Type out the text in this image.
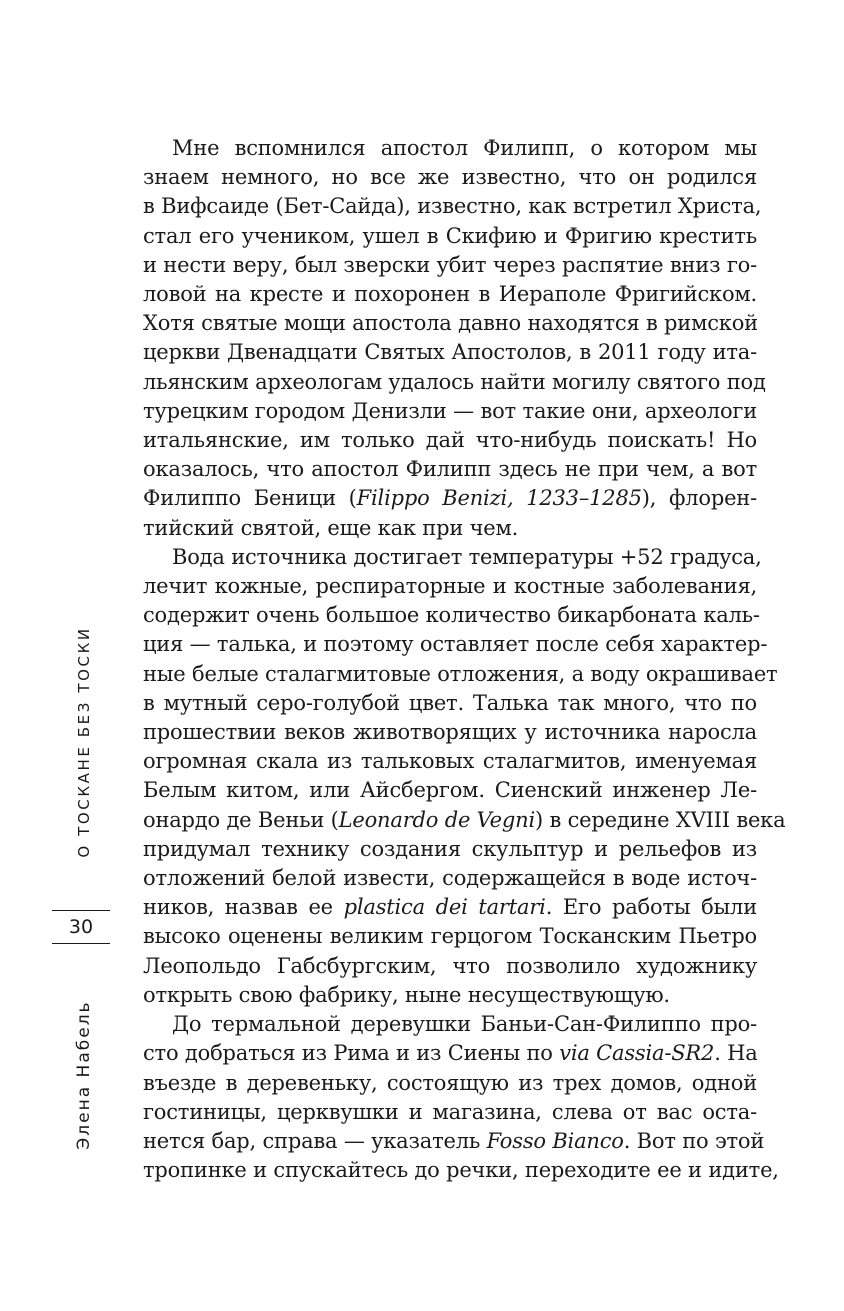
О ТОСКАНЕ БЕЗ ТОСКИ
30
Элена Набель
Мне вспомнился апостол Филипп, о котором мы
знаем немного, но все же известно, что он родился
в Вифсаиде (Бет-Сайда), известно, как встретил Христа,
стал его учеником, ушел в Скифию и Фригию крестить
и нести веру, был зверски убит через распятие вниз го-
ловой на кресте и похоронен в Иераполе Фригийском.
Хотя святые мощи апостола давно находятся в римской
церкви Двенадцати Святых Апостолов, в 2011 году ита-
льянским археологам удалось найти могилу святого под
турецким городом Денизли — вот такие они, археологи
итальянские, им только дай что-нибудь поискать! Но
оказалось, что апостол Филипп здесь не при чем, а вот
Филиппо Беници (Filippo Benizi, 1233–1285), флорен-
тийский святой, еще как при чем.
Вода источника достигает температуры +52 градуса,
лечит кожные, респираторные и костные заболевания,
содержит очень большое количество бикарбоната каль-
ция — талька, и поэтому оставляет после себя характер-
ные белые сталагмитовые отложения, а воду окрашивает
в мутный серо-голубой цвет. Талька так много, что по
прошествии веков животворящих у источника наросла
огромная скала из тальковых сталагмитов, именуемая
Белым китом, или Айсбергом. Сиенский инженер Ле-
онардо де Веньи (Leonardo de Vegni) в середине XVIII века
придумал технику создания скульптур и рельефов из
отложений белой извести, содержащейся в воде источ-
ников, назвав ее plastica dei tartari. Его работы были
высоко оценены великим герцогом Тосканским Пьетро
Леопольдо Габсбургским, что позволило художнику
открыть свою фабрику, ныне несуществующую.
До термальной деревушки Баньи-Сан-Филиппо про-
сто добраться из Рима и из Сиены по via Cassia-SR2. На
въезде в деревеньку, состоящую из трех домов, одной
гостиницы, церквушки и магазина, слева от вас оста-
нется бар, справа — указатель Fosso Bianco. Вот по этой
тропинке и спускайтесь до речки, переходите ее и идите,
